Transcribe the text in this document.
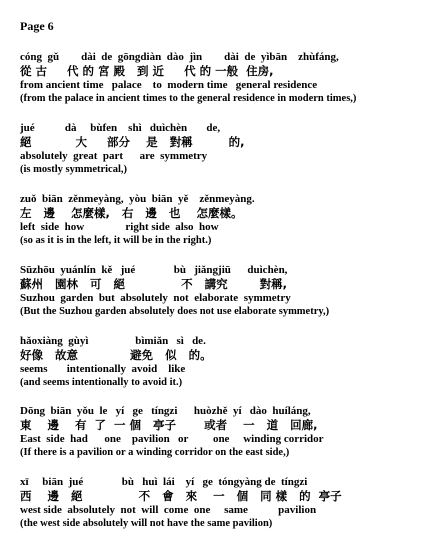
Page 6
cóng  gǔ        dài  de  gōngdiàn  dào  jìn        dài  de  yìbān    zhùfáng,
從 古     代 的 宮 殿   到 近     代 的 一般  住房,
from ancient time   palace    to  modern time   general residence
(from the palace in ancient times to the general residence in modern times,)
jué           dà     bùfen    shì   duìchèn       de,
絕           大     部分    是   對稱         的,
absolutely  great  part      are  symmetry
(is mostly symmetrical,)
zuǒ  biān  zěnmeyàng,  yòu  biān  yě    zěnmeyàng.
左   邊    怎麼樣,   右   邊   也    怎麼樣。
left  side  how               right side  also  how
(so as it is in the left, it will be in the right.)
Sūzhōu  yuánlín  kě   jué              bù   jiǎngjiū      duìchèn,
蘇州   園林   可   絕              不   講究        對稱,
Suzhou  garden  but  absolutely  not  elaborate  symmetry
(But the Suzhou garden absolutely does not use elaborate symmetry,)
hǎoxiàng  gùyì                 bìmiǎn   sì   de.
好像   故意             避免   似   的。
seems       intentionally  avoid    like
(and seems intentionally to avoid it.)
Dōng  biān  yǒu  le   yí   ge   tíngzi      huòzhě  yí   dào  huíláng,
東    邊    有  了  一 個   亭子       或者    一   道   回廊,
East  side  had      one    pavilion   or         one     winding corridor
(If there is a pavilion or a winding corridor on the east side,)
xī     biān  jué              bù   huì  lái    yí   ge  tóngyàng de  tíngzi
西    邊   絕              不   會   來    一   個   同 樣   的  亭子
west side  absolutely  not  will  come  one     same           pavilion
(the west side absolutely will not have the same pavilion)
